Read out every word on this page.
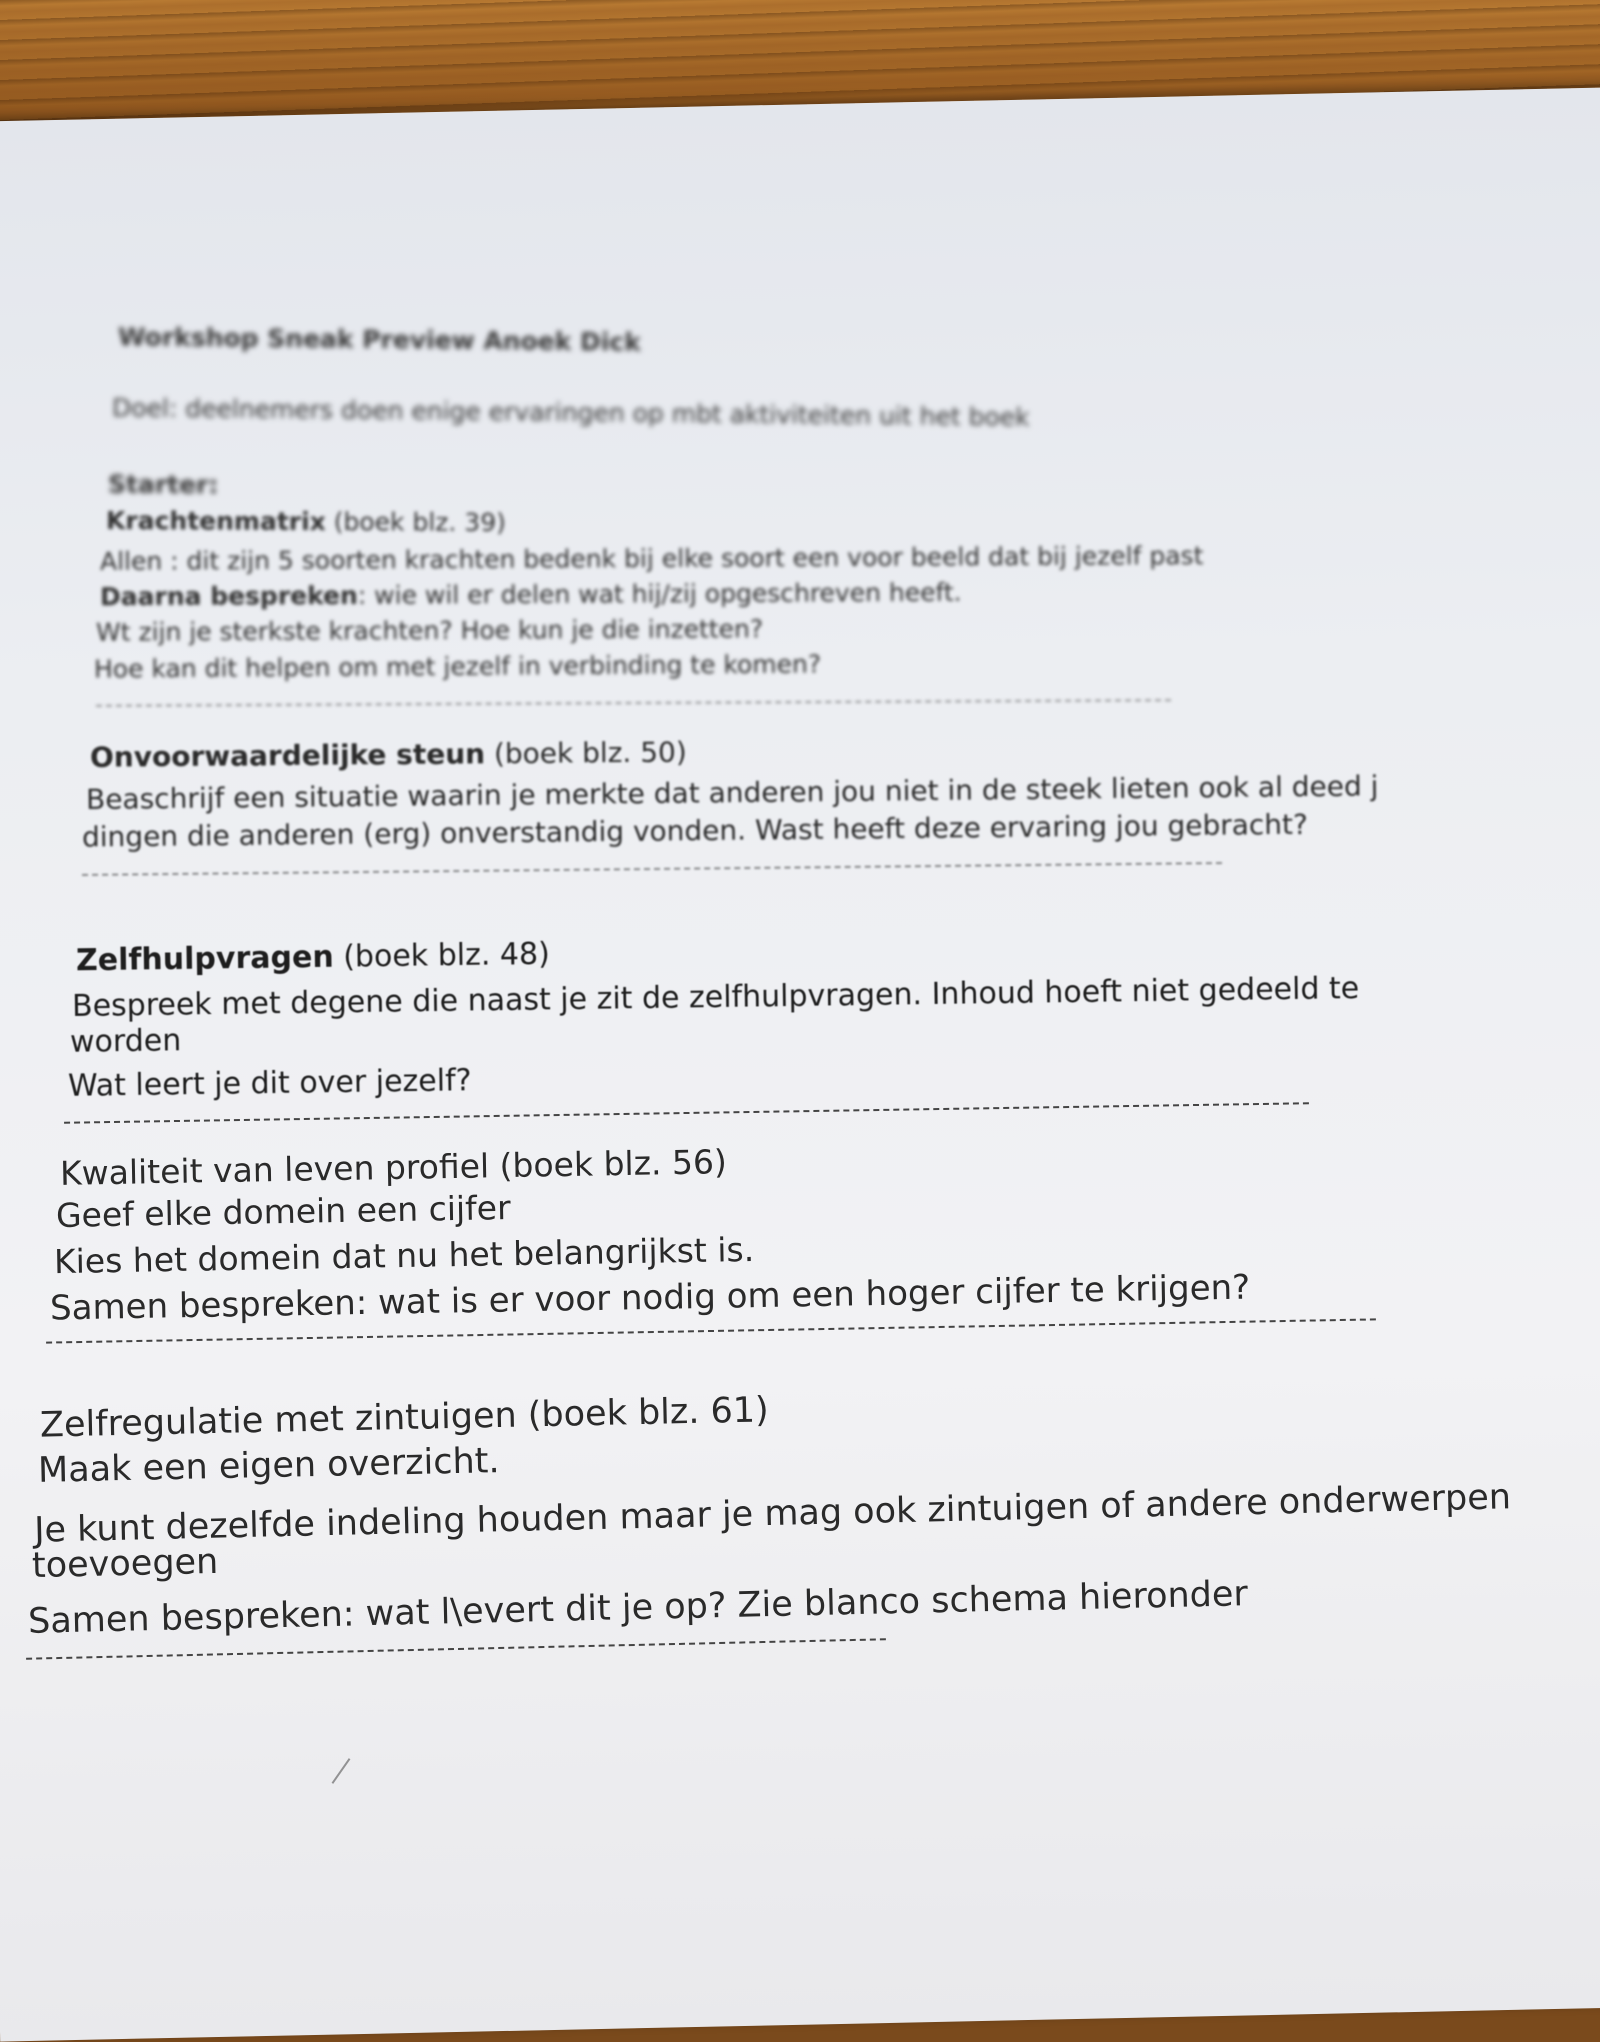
Workshop Sneak Preview Anoek Dick
Doel: deelnemers doen enige ervaringen op mbt aktiviteiten uit het boek
Starter:
Krachtenmatrix (boek blz. 39)
Allen : dit zijn 5 soorten krachten bedenk bij elke soort een voor beeld dat bij jezelf past
Daarna bespreken: wie wil er delen wat hij/zij opgeschreven heeft.
Wt zijn je sterkste krachten? Hoe kun je die inzetten?
Hoe kan dit helpen om met jezelf in verbinding te komen?
Onvoorwaardelijke steun (boek blz. 50)
Beaschrijf een situatie waarin je merkte dat anderen jou niet in de steek lieten ook al deed j
dingen die anderen (erg) onverstandig vonden. Wast heeft deze ervaring jou gebracht?
Zelfhulpvragen (boek blz. 48)
Bespreek met degene die naast je zit de zelfhulpvragen. Inhoud hoeft niet gedeeld te
worden
Wat leert je dit over jezelf?
Kwaliteit van leven profiel (boek blz. 56)
Geef elke domein een cijfer
Kies het domein dat nu het belangrijkst is.
Samen bespreken: wat is er voor nodig om een hoger cijfer te krijgen?
Zelfregulatie met zintuigen (boek blz. 61)
Maak een eigen overzicht.
Je kunt dezelfde indeling houden maar je mag ook zintuigen of andere onderwerpen
toevoegen
Samen bespreken: wat l\evert dit je op? Zie blanco schema hieronder
